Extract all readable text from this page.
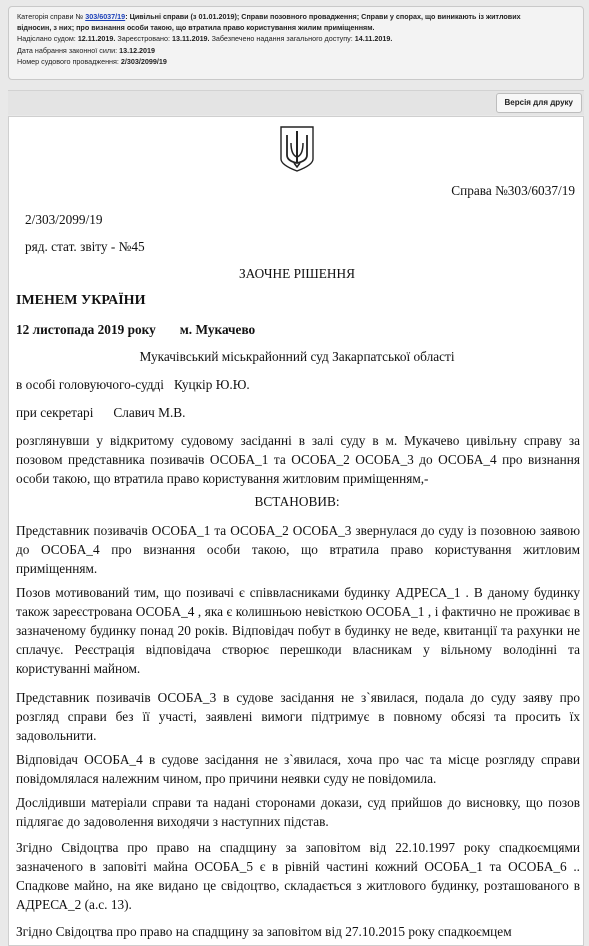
Категорія справи № 303/6037/19: Цивільні справи (з 01.01.2019); Справи позовного провадження; Справи у спорах, що виникають із житлових
відносин, з них; про визнання особи такою, що втратила право користування жилим приміщенням.
Надіслано судом: 12.11.2019. Зареєстровано: 13.11.2019. Забезпечено надання загального доступу: 14.11.2019.
Дата набрання законної сили: 13.12.2019
Номер судового провадження: 2/303/2099/19
Версія для друку

Справа №303/6037/19

2/303/2099/19

ряд. стат. звіту - №45

ЗАОЧНЕ РІШЕННЯ

ІМЕНЕМ УКРАЇНИ

12 листопада 2019 року м. Мукачево

Мукачівський міськрайонний суд Закарпатської області

в особі головуючого-судді   Куцкір Ю.Ю.

при секретарі      Славич М.В.

розглянувши у відкритому судовому засіданні в залі суду в м. Мукачево цивільну справу за позовом представника позивачів ОСОБА_1 та ОСОБА_2 ОСОБА_3 до ОСОБА_4 про визнання особи такою, що втратила право користування житловим приміщенням,-

ВСТАНОВИВ:

Представник позивачів ОСОБА_1 та ОСОБА_2 ОСОБА_3 звернулася до суду із позовною заявою до ОСОБА_4 про визнання особи такою, що втратила право користування житловим приміщенням.

Позов мотивований тим, що позивачі є співвласниками будинку АДРЕСА_1 . В даному будинку також зареєстрована ОСОБА_4 , яка є колишньою невісткою ОСОБА_1 , і фактично не проживає в зазначеному будинку понад 20 років. Відповідач побут в будинку не веде, квитанції та рахунки не сплачує. Реєстрація відповідача створює перешкоди власникам у вільному володінні та користуванні майном.

Представник позивачів ОСОБА_3 в судове засідання не з`явилася, подала до суду заяву про розгляд справи без її участі, заявлені вимоги підтримує в повному обсязі та просить їх задовольнити.

Відповідач ОСОБА_4 в судове засідання не з`явилася, хоча про час та місце розгляду справи повідомлялася належним чином, про причини неявки суду не повідомила.

Дослідивши матеріали справи та надані сторонами докази, суд прийшов до висновку, що позов підлягає до задоволення виходячи з наступних підстав.

Згідно Свідоцтва про право на спадщину за заповітом від 22.10.1997 року спадкоємцями зазначеного в заповіті майна ОСОБА_5 є в рівній частині кожний ОСОБА_1 та ОСОБА_6 .. Спадкове майно, на яке видано це свідоцтво, складається з житлового будинку, розташованого в АДРЕСА_2 (а.с. 13).

Згідно Свідоцтва про право на спадщину за заповітом від 27.10.2015 року спадкоємцем
